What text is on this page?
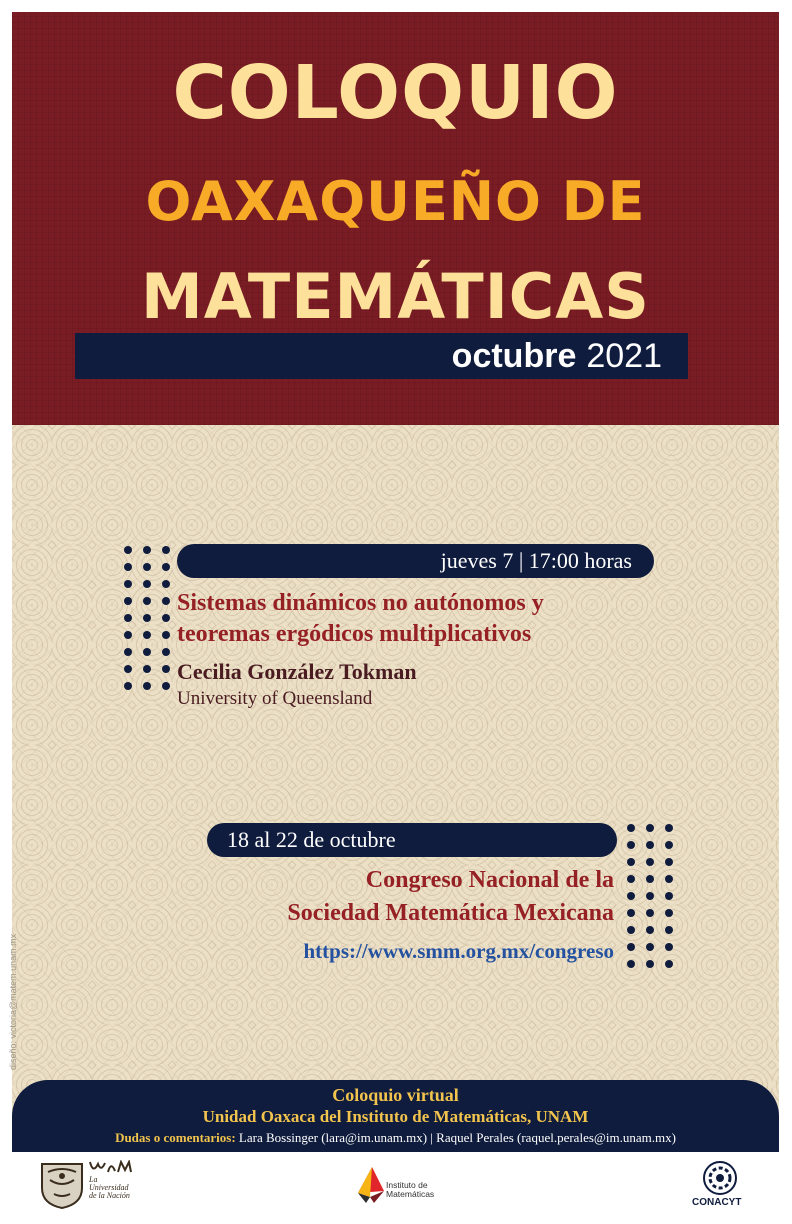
COLOQUIO
OAXAQUEÑO DE
MATEMÁTICAS
octubre 2021
diseño: victoria@matem.unam.mx
jueves 7 | 17:00 horas
Sistemas dinámicos no autónomos y
teoremas ergódicos multiplicativos
Cecilia González Tokman
University of Queensland
18 al 22 de octubre
Congreso Nacional de la
Sociedad Matemática Mexicana
https://www.smm.org.mx/congreso
Coloquio virtual
Unidad Oaxaca del Instituto de Matemáticas, UNAM
Dudas o comentarios: Lara Bossinger (lara@im.unam.mx) | Raquel Perales (raquel.perales@im.unam.mx)
La Universidad de la Nación
Instituto de
Matemáticas
CONACYT
